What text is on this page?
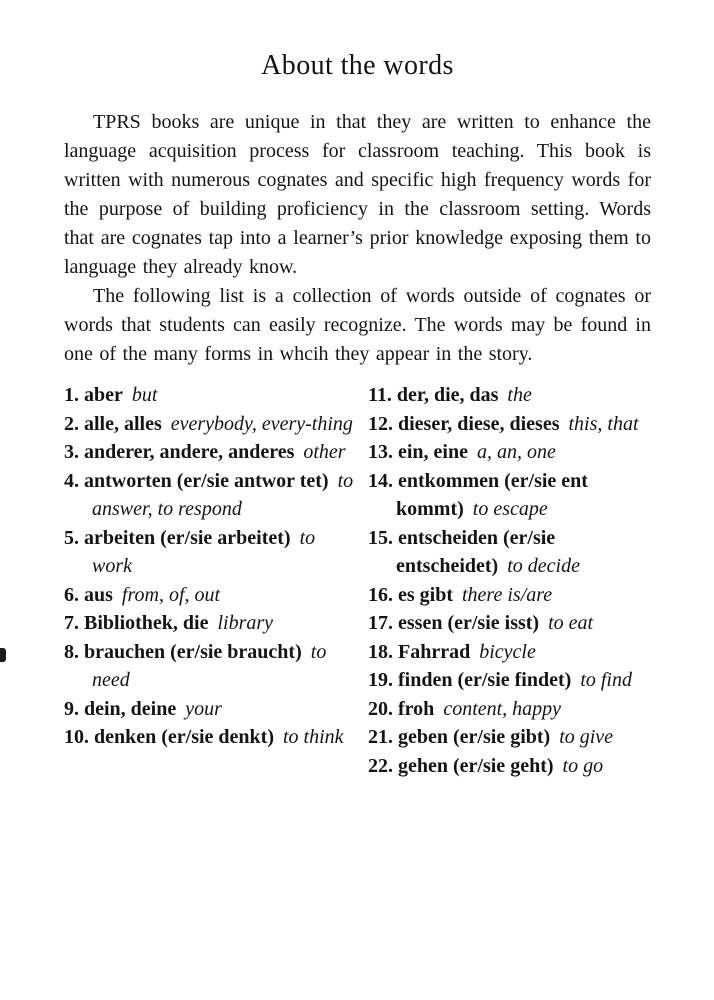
About the words

TPRS books are unique in that they are written to enhance the language acquisition process for classroom teaching. This book is written with numerous cognates and specific high frequency words for the purpose of building proficiency in the classroom setting. Words that are cognates tap into a learner’s prior knowledge exposing them to language they already know.

The following list is a collection of words outside of cognates or words that students can easily recognize. The words may be found in one of the many forms in whcih they appear in the story.

1. aber but

2. alle, alles everybody, every-thing

3. anderer, andere, anderes other

4. antworten (er/sie antwor tet) to answer, to respond

5. arbeiten (er/sie arbeitet) to work

6. aus from, of, out

7. Bibliothek, die library

8. brauchen (er/sie braucht) to need

9. dein, deine your

10. denken (er/sie denkt) to think

11. der, die, das the

12. dieser, diese, dieses this, that

13. ein, eine a, an, one

14. entkommen (er/sie ent kommt) to escape

15. entscheiden (er/sie entscheidet) to decide

16. es gibt there is/are

17. essen (er/sie isst) to eat

18. Fahrrad bicycle

19. finden (er/sie findet) to find

20. froh content, happy

21. geben (er/sie gibt) to give

22. gehen (er/sie geht) to go
